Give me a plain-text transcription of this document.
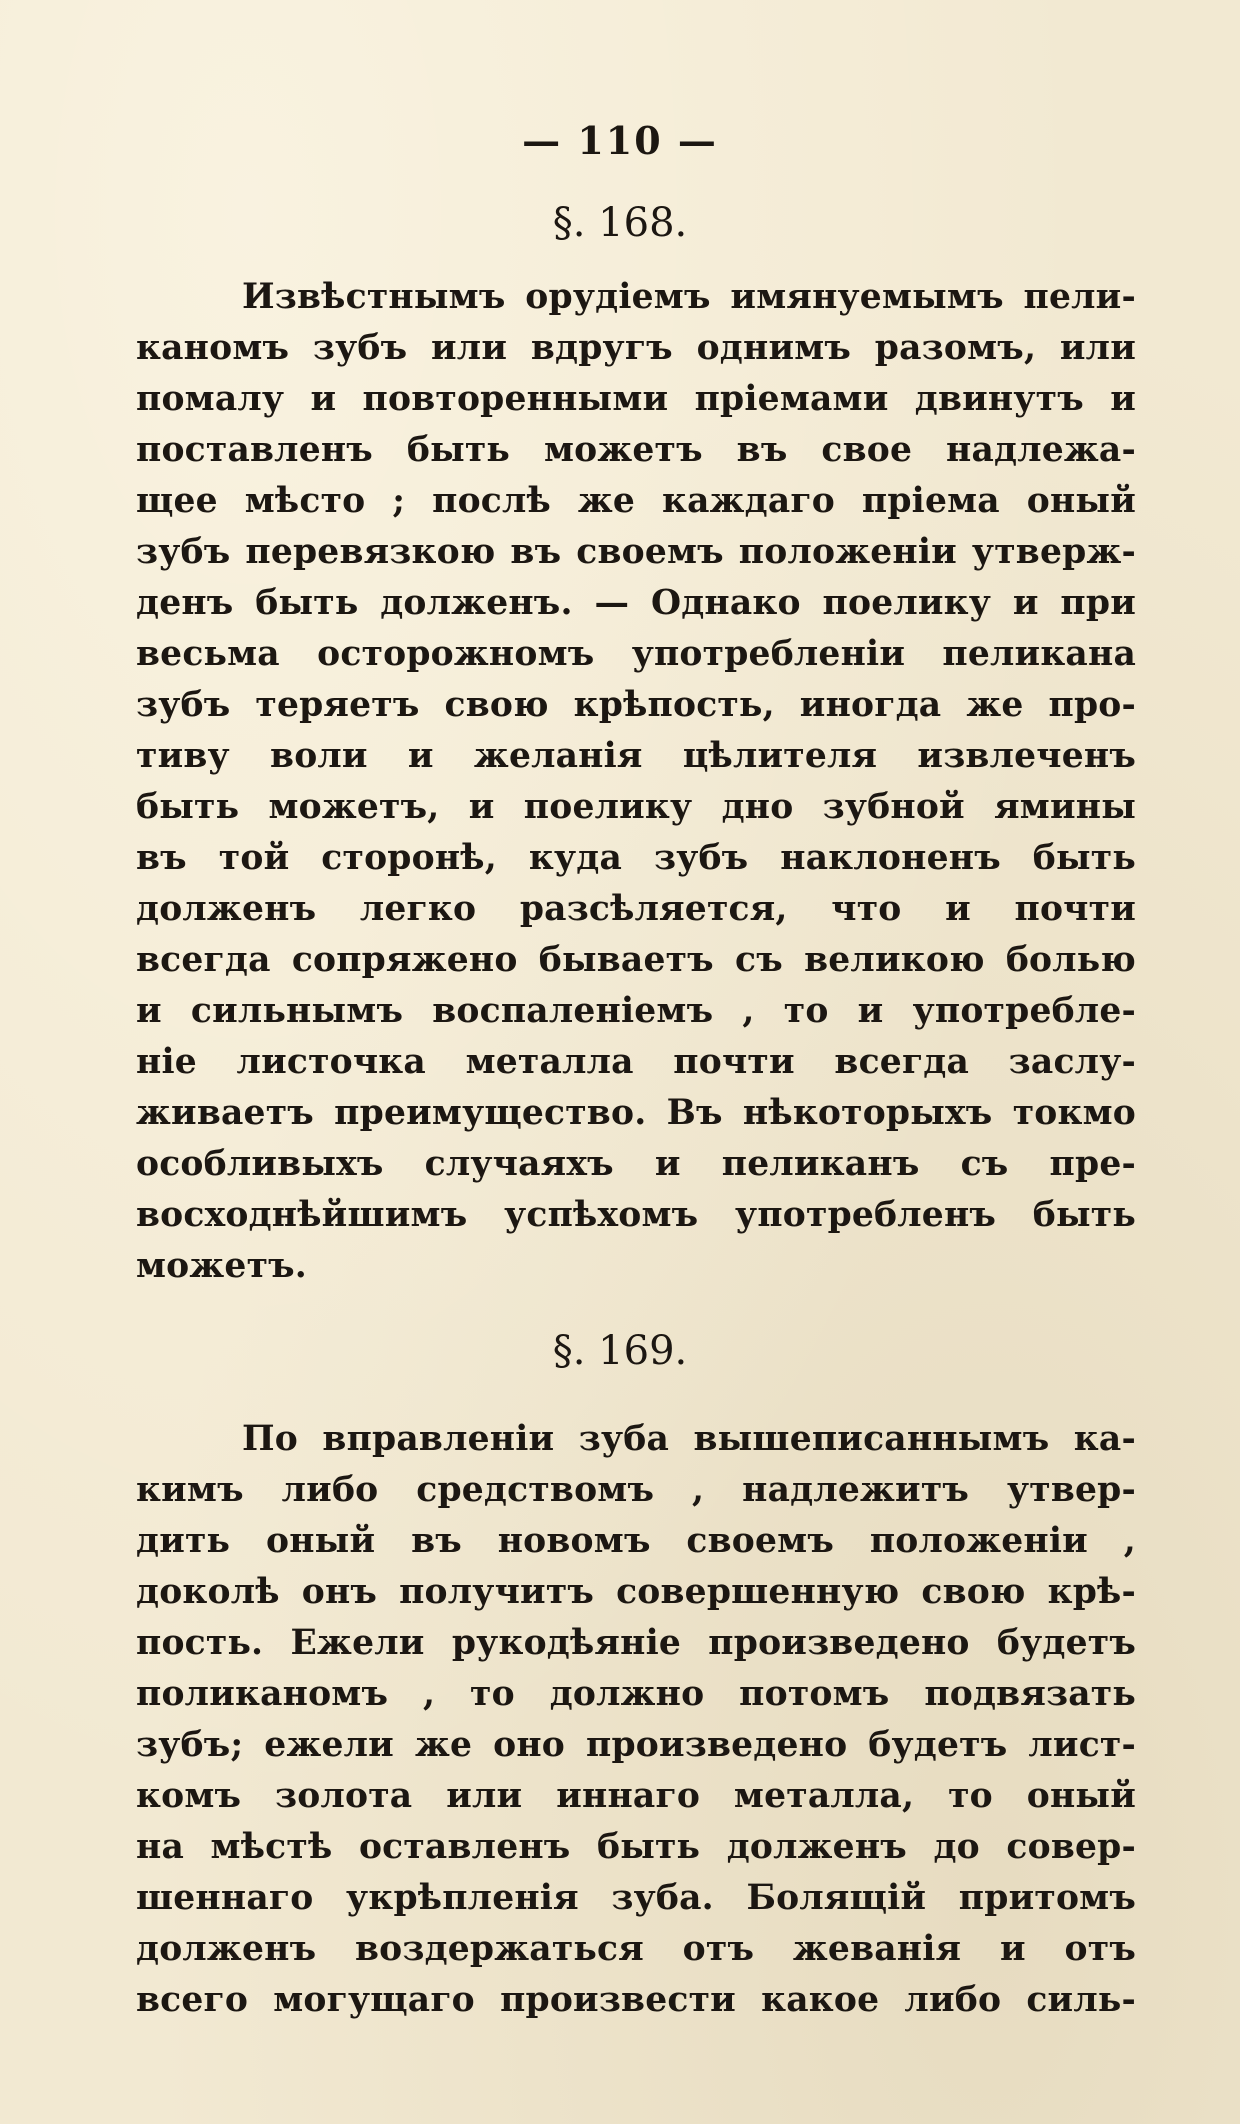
— 110 —
§. 168.
Извѣстнымъ орудіемъ имянуемымъ пели-
каномъ зубъ или вдругъ однимъ разомъ, или
помалу и повторенными пріемами двинутъ и
поставленъ быть можетъ въ свое надлежа-
щее мѣсто ; послѣ же каждаго пріема оный
зубъ перевязкою въ своемъ положеніи утверж-
денъ быть долженъ. — Однако поелику и при
весьма осторожномъ употребленіи пеликана
зубъ теряетъ свою крѣпость, иногда же про-
тиву воли и желанія цѣлителя извлеченъ
быть можетъ, и поелику дно зубной ямины
въ той сторонѣ, куда зубъ наклоненъ быть
долженъ легко разсѣляется, что и почти
всегда сопряжено бываетъ съ великою болью
и сильнымъ воспаленіемъ , то и употребле-
ніе листочка металла почти всегда заслу-
живаетъ преимущество. Въ нѣкоторыхъ токмо
особливыхъ случаяхъ и пеликанъ съ пре-
восходнѣйшимъ успѣхомъ употребленъ быть
можетъ.
§. 169.
По вправленіи зуба вышеписаннымъ ка-
кимъ либо средствомъ , надлежитъ утвер-
дить оный въ новомъ своемъ положеніи ,
доколѣ онъ получитъ совершенную свою крѣ-
пость. Ежели рукодѣяніе произведено будетъ
поликаномъ , то должно потомъ подвязать
зубъ; ежели же оно произведено будетъ лист-
комъ золота или иннаго металла, то оный
на мѣстѣ оставленъ быть долженъ до совер-
шеннаго укрѣпленія зуба. Болящій притомъ
долженъ воздержаться отъ жеванія и отъ
всего могущаго произвести какое либо силь-
